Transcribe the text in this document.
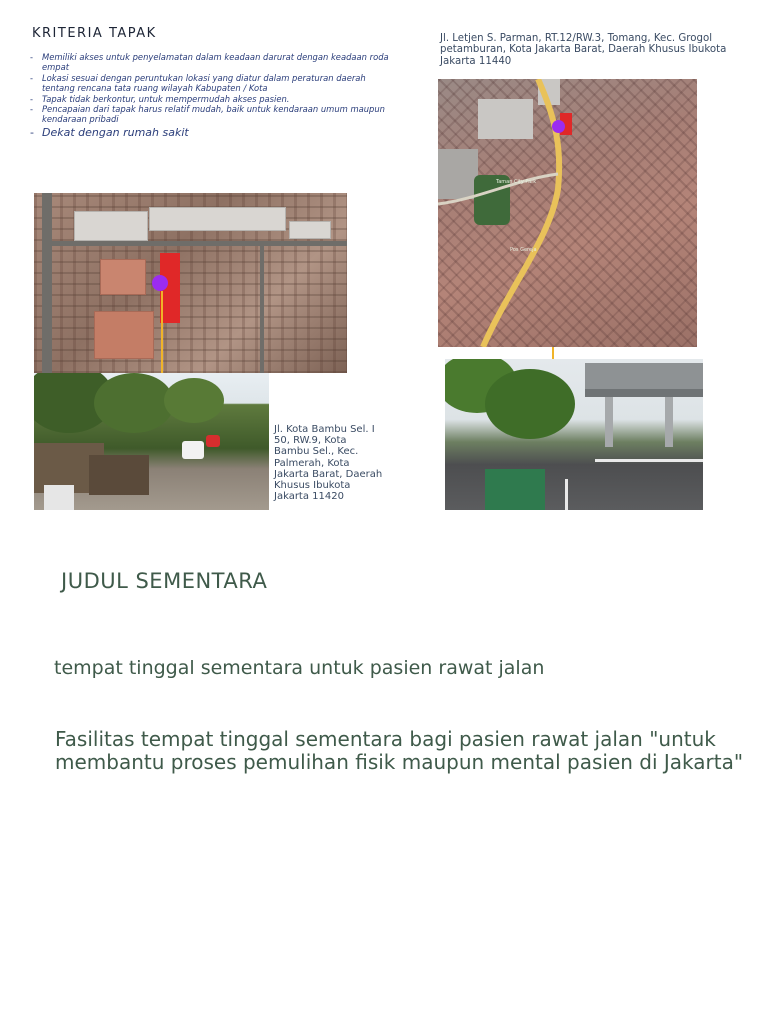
KRITERIA TAPAK
- Memiliki akses untuk penyelamatan dalam keadaan darurat dengan keadaan roda empat
- Lokasi sesuai dengan peruntukan lokasi yang diatur dalam peraturan daerah tentang rencana tata ruang wilayah Kabupaten / Kota
- Tapak tidak berkontur, untuk mempermudah akses pasien.
- Pencapaian dari tapak harus relatif mudah, baik untuk kendaraan umum maupun kendaraan pribadi
- Dekat dengan rumah sakit
Jl. Kota Bambu Sel. I 50, RW.9, Kota Bambu Sel., Kec. Palmerah, Kota Jakarta Barat, Daerah Khusus Ibukota Jakarta 11420
Jl. Letjen S. Parman, RT.12/RW.3, Tomang, Kec. Grogol petamburan, Kota Jakarta Barat, Daerah Khusus Ibukota Jakarta 11440
Taman City Park
Pos Gereja
JUDUL SEMENTARA
tempat tinggal sementara untuk pasien rawat jalan
Fasilitas tempat tinggal sementara bagi pasien rawat jalan "untuk membantu proses pemulihan fisik maupun mental pasien di Jakarta"
